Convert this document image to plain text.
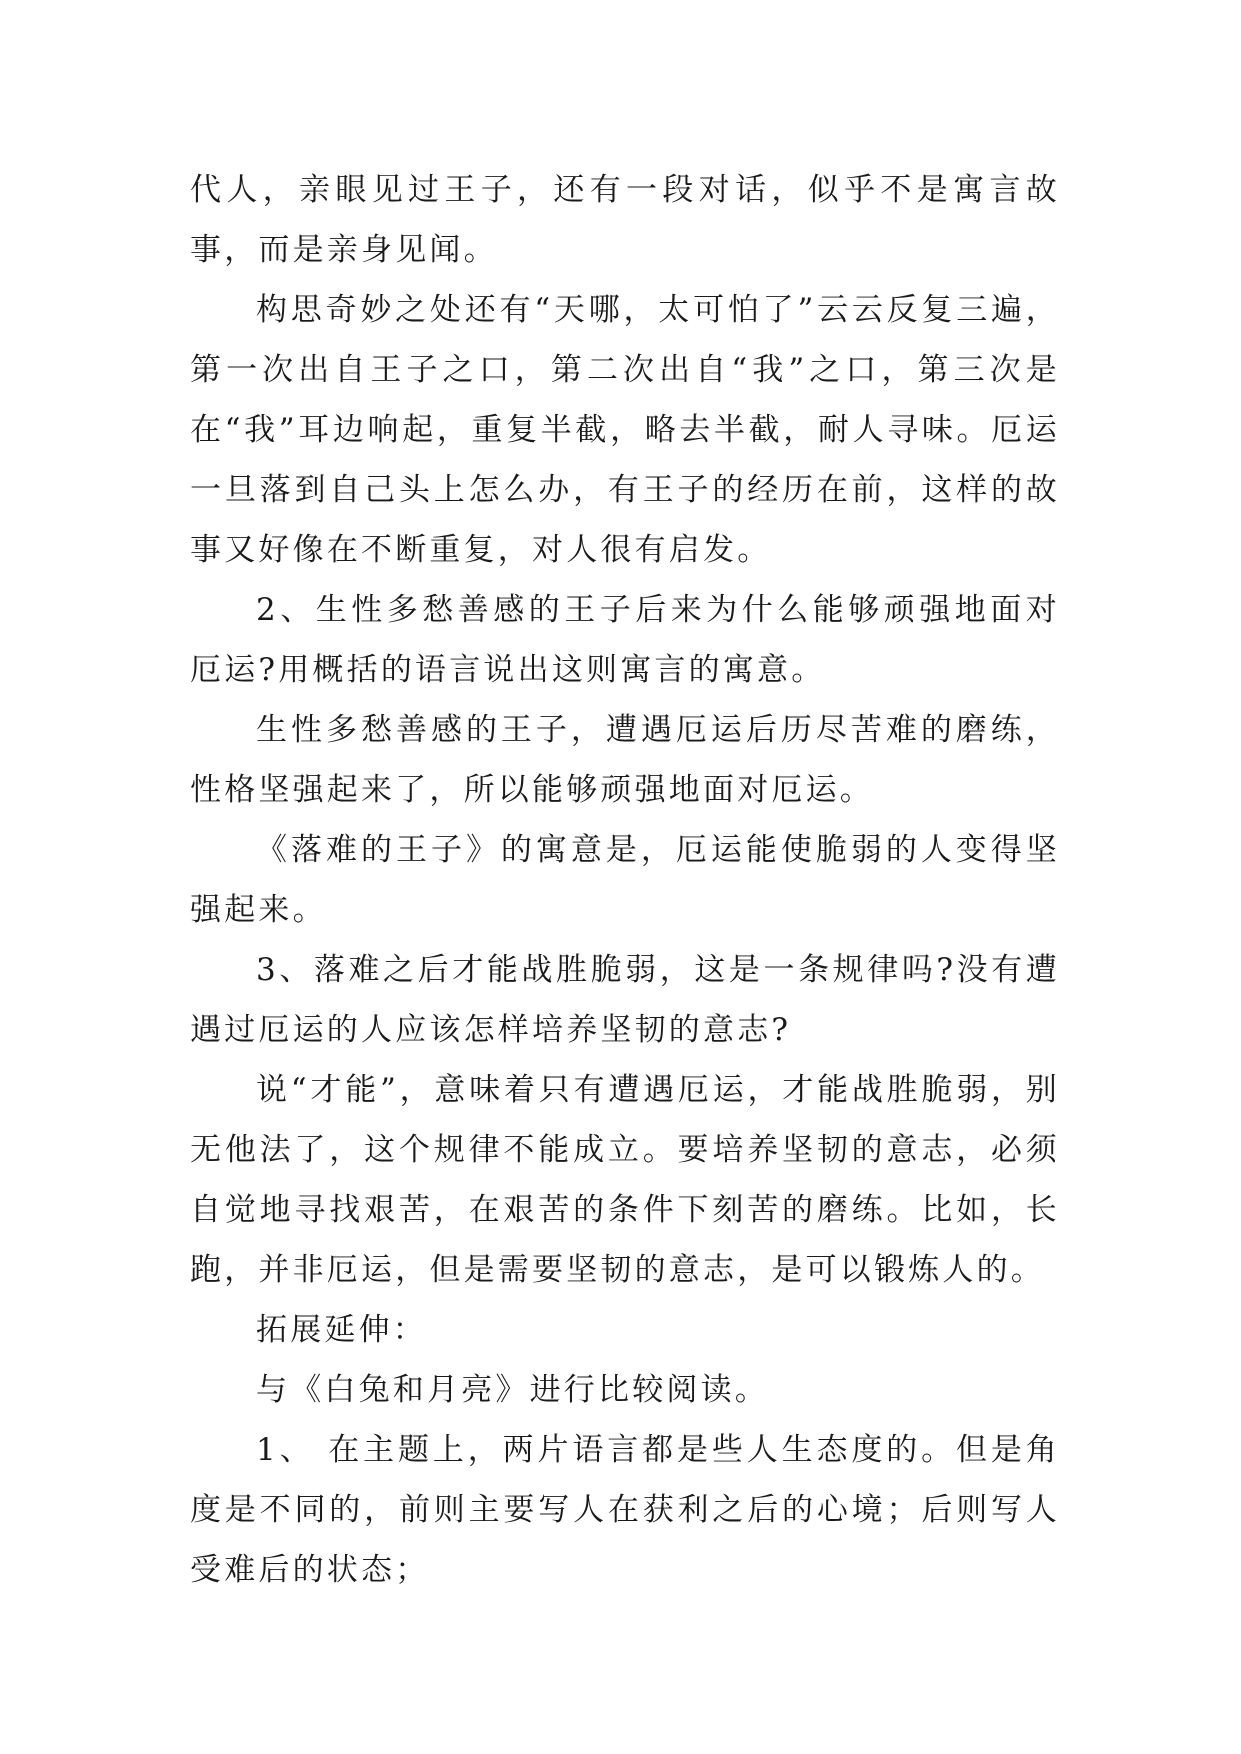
代人，亲眼见过王子，还有一段对话，似乎不是寓言故事，而是亲身见闻。

构思奇妙之处还有“天哪，太可怕了”云云反复三遍，第一次出自王子之口，第二次出自“我”之口，第三次是在“我”耳边响起，重复半截，略去半截，耐人寻味。厄运一旦落到自己头上怎么办，有王子的经历在前，这样的故事又好像在不断重复，对人很有启发。

2、生性多愁善感的王子后来为什么能够顽强地面对厄运?用概括的语言说出这则寓言的寓意。

生性多愁善感的王子，遭遇厄运后历尽苦难的磨练，性格坚强起来了，所以能够顽强地面对厄运。

《落难的王子》的寓意是，厄运能使脆弱的人变得坚强起来。

3、落难之后才能战胜脆弱，这是一条规律吗?没有遭遇过厄运的人应该怎样培养坚韧的意志?

说“才能”，意味着只有遭遇厄运，才能战胜脆弱，别无他法了，这个规律不能成立。要培养坚韧的意志，必须自觉地寻找艰苦，在艰苦的条件下刻苦的磨练。比如，长跑，并非厄运，但是需要坚韧的意志，是可以锻炼人的。

拓展延伸：

与《白兔和月亮》进行比较阅读。

1、 在主题上，两片语言都是些人生态度的。但是角度是不同的，前则主要写人在获利之后的心境；后则写人受难后的状态；
